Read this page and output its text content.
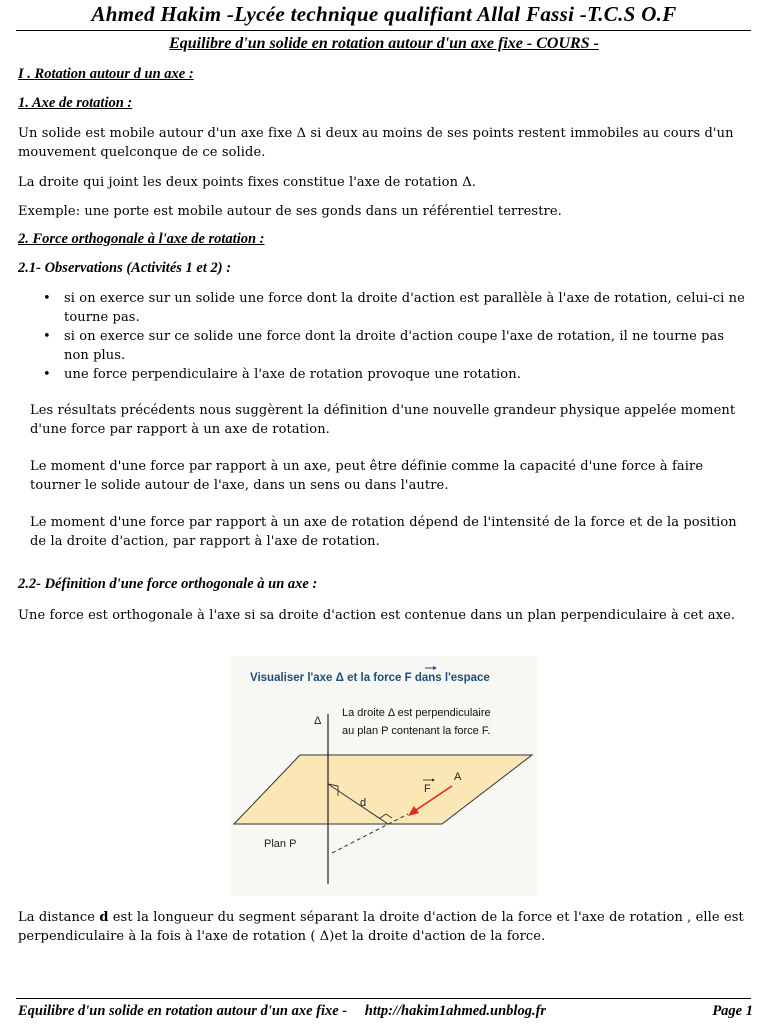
Ahmed Hakim -Lycée technique qualifiant Allal Fassi -T.C.S O.F
Equilibre d'un solide en rotation autour d'un axe fixe - COURS -
I . Rotation autour d un axe :
1. Axe de rotation :
Un solide est mobile autour d'un axe fixe Δ si deux au moins de ses points restent immobiles au cours d'un mouvement quelconque de ce solide.
La droite qui joint les deux points fixes constitue l'axe de rotation Δ.
Exemple: une porte est mobile autour de ses gonds dans un référentiel terrestre.
2. Force orthogonale à l'axe de rotation :
2.1- Observations (Activités 1 et 2) :
• si on exerce sur un solide une force dont la droite d'action est parallèle à l'axe de rotation, celui-ci ne tourne pas.
• si on exerce sur ce solide une force dont la droite d'action coupe l'axe de rotation, il ne tourne pas non plus.
• une force perpendiculaire à l'axe de rotation provoque une rotation.
Les résultats précédents nous suggèrent la définition d'une nouvelle grandeur physique appelée moment d'une force par rapport à un axe de rotation.
Le moment d'une force par rapport à un axe, peut être définie comme la capacité d'une force à faire tourner le solide autour de l'axe, dans un sens ou dans l'autre.
Le moment d'une force par rapport à un axe de rotation dépend de l'intensité de la force et de la position de la droite d'action, par rapport à l'axe de rotation.
2.2- Définition d'une force orthogonale à un axe :
Une force est orthogonale à l'axe si sa droite d'action est contenue dans un plan perpendiculaire à cet axe.
Visualiser l'axe Δ et la force F dans l'espace
Δ
La droite Δ est perpendiculaire
au plan P contenant la force F.
d
F
A
Plan P
La distance d est la longueur du segment séparant la droite d'action de la force et l'axe de rotation , elle est perpendiculaire à la fois à l'axe de rotation ( Δ)et la droite d'action de la force.
Equilibre d'un solide en rotation autour d'un axe fixe - http://hakim1ahmed.unblog.fr	Page 1
